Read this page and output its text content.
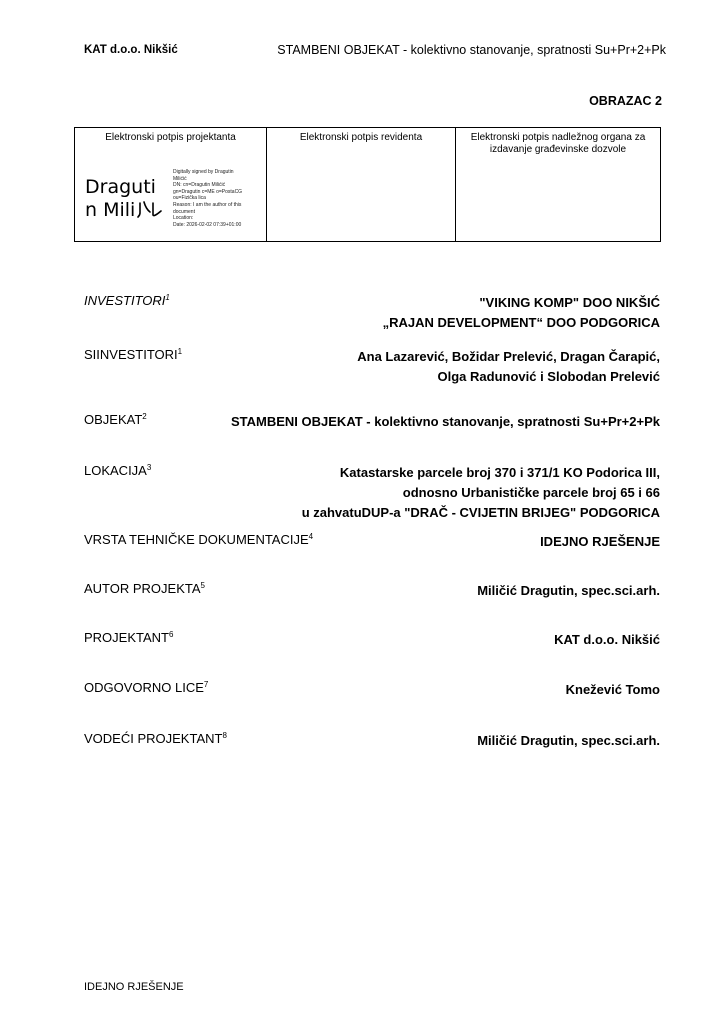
KAT d.o.o. Nikšić	STAMBENI OBJEKAT - kolektivno stanovanje, spratnosti Su+Pr+2+Pk
OBRAZAC 2
Elektronski potpis projektanta
Draguti
n Mili
Digitally signed by Dragutin
Milićić
DN: cn=Dragutin Milićić
gn=Dragutin c=ME o=PostaCG
ou=Fizička lica
Reason: I am the author of this
document
Location:
Date: 2026-02-02 07:39+01:00
Elektronski potpis revidenta	Elektronski potpis nadležnog organa za izdavanje građevinske dozvole
INVESTITORI$^1$	"VIKING KOMP" DOO NIKŠIĆ
„RAJAN DEVELOPMENT“ DOO PODGORICA
SIINVESTITORI$^1$	Ana Lazarević, Božidar Prelević, Dragan Čarapić,
Olga Radunović i Slobodan Prelević
OBJEKAT$^2$	STAMBENI OBJEKAT - kolektivno stanovanje, spratnosti Su+Pr+2+Pk
LOKACIJA$^3$	Katastarske parcele broj 370 i 371/1 KO Podorica III,
odnosno Urbanističke parcele broj 65 i 66
u zahvatuDUP-a "DRAČ - CVIJETIN BRIJEG" PODGORICA
VRSTA TEHNIČKE DOKUMENTACIJE$^4$	IDEJNO RJEŠENJE
AUTOR PROJEKTA$^5$	Miličić Dragutin, spec.sci.arh.
PROJEKTANT$^6$	KAT d.o.o. Nikšić
ODGOVORNO LICE$^7$	Knežević Tomo
VODEĆI PROJEKTANT$^8$	Miličić Dragutin, spec.sci.arh.
IDEJNO RJEŠENJE
